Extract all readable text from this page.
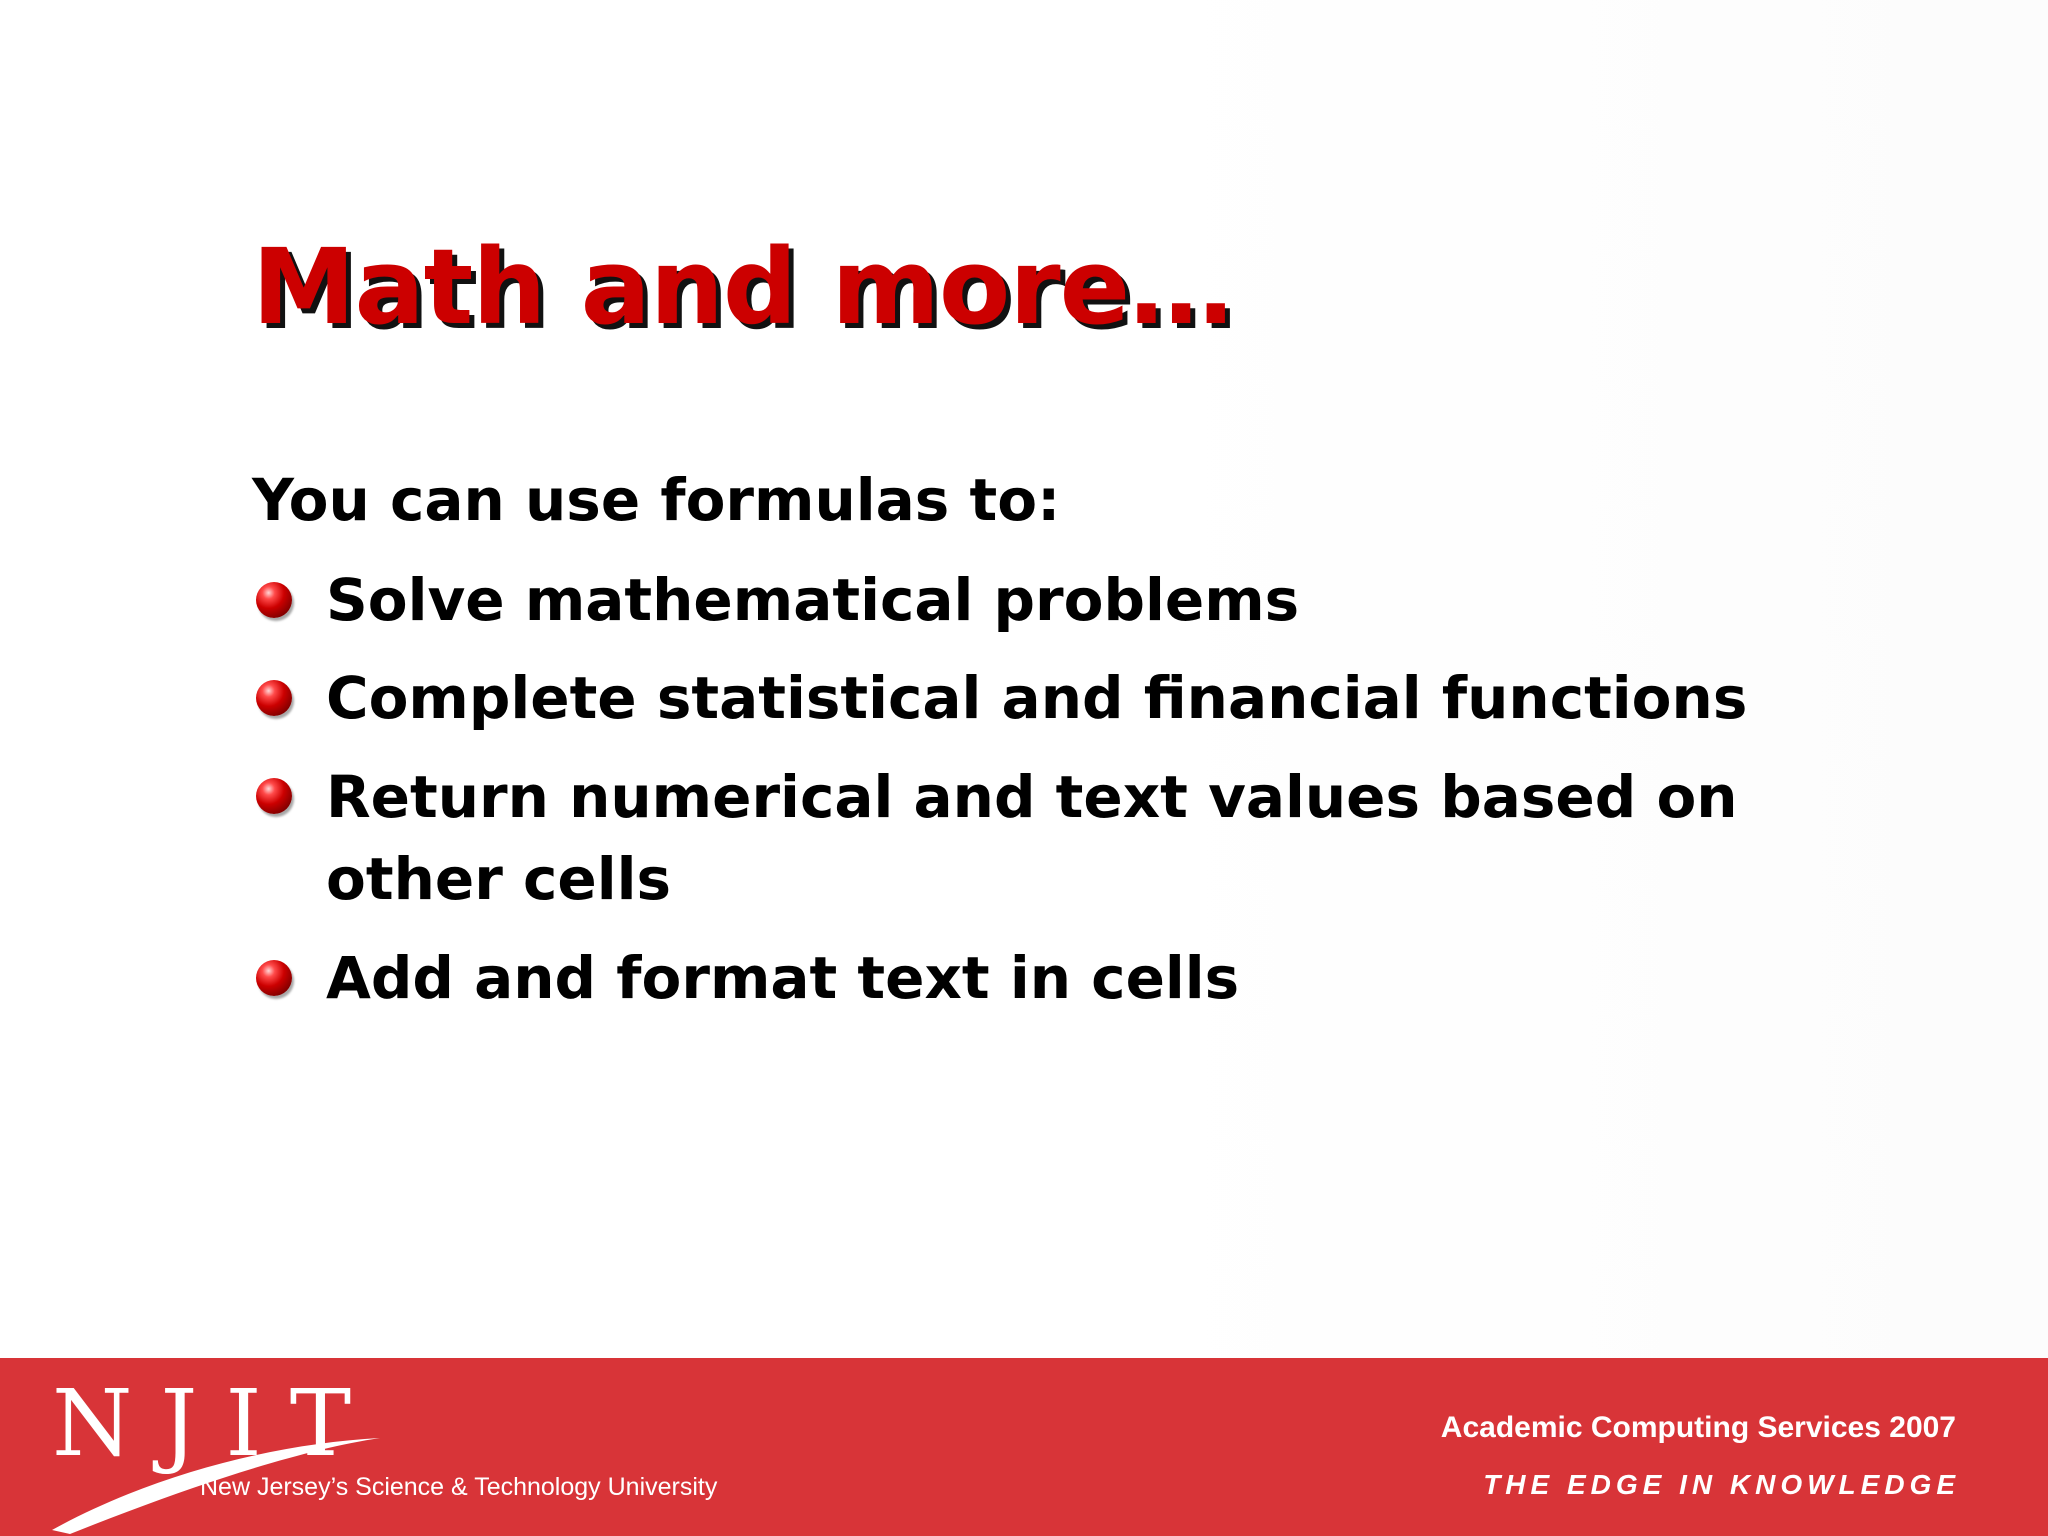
Math and more…
You can use formulas to:
Solve mathematical problems
Complete statistical and financial functions
Return numerical and text values based on other cells
Add and format text in cells
NJIT
New Jersey’s Science & Technology University
Academic Computing Services 2007
THE EDGE IN KNOWLEDGE
